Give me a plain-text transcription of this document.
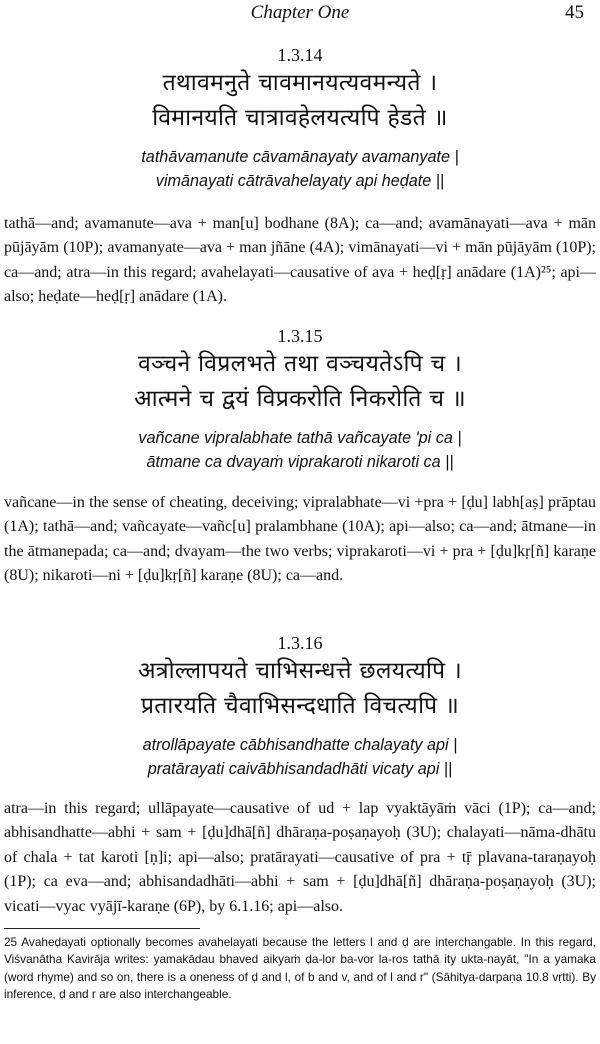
Chapter One	45
1.3.14
तथावमनुते चावमानयत्यवमन्यते ।
विमानयति चात्रावहेलयत्यपि हेडते ॥
tathāvamanute cāvamānayaty avamanyate |
vimānayati cātrāvahelayaty api heḍate ||

tathā—and; avamanute—ava + man[u] bodhane (8A); ca—and; avamānayati—ava + mān pūjāyām (10P); avamanyate—ava + man jñāne (4A); vimānayati—vi + mān pūjāyām (10P); ca—and; atra—in this regard; avahelayati—causative of ava + heḍ[ṛ] anādare (1A)²⁵; api—also; heḍate—heḍ[ṛ] anādare (1A).

1.3.15
वञ्चने विप्रलभते तथा वञ्चयतेऽपि च ।
आत्मने च द्वयं विप्रकरोति निकरोति च ॥
vañcane vipralabhate tathā vañcayate 'pi ca |
ātmane ca dvayaṁ viprakaroti nikaroti ca ||

vañcane—in the sense of cheating, deceiving; vipralabhate—vi +pra + [ḍu] labh[aṣ] prāptau (1A); tathā—and; vañcayate—vañc[u] pralambhane (10A); api—also; ca—and; ātmane—in the ātmanepada; ca—and; dvayam—the two verbs; viprakaroti—vi + pra + [ḍu]kṛ[ñ] karaṇe (8U); nikaroti—ni + [ḍu]kṛ[ñ] karaṇe (8U); ca—and.

1.3.16
अत्रोल्लापयते चाभिसन्धत्ते छलयत्यपि ।
प्रतारयति चैवाभिसन्दधाति विचत्यपि ॥
atrollāpayate cābhisandhatte chalayaty api |
pratārayati caivābhisandadhāti vicaty api ||

atra—in this regard; ullāpayate—causative of ud + lap vyaktāyāṁ vāci (1P); ca—and; abhisandhatte—abhi + sam + [ḍu]dhā[ñ] dhāraṇa-poṣaṇayoḥ (3U); chalayati—nāma-dhātu of chala + tat karoti [ṇ]i; api—also; pratārayati—causative of pra + tṝ plavana-taraṇayoḥ (1P); ca eva—and; abhisandadhāti—abhi + sam + [ḍu]dhā[ñ] dhāraṇa-poṣaṇayoḥ (3U); vicati—vyac vyājī-karaṇe (6P), by 6.1.16; api—also.

25 Avaheḍayati optionally becomes avahelayati because the letters l and ḍ are interchangable. In this regard, Viśvanātha Kavirāja writes: yamakādau bhaved aikyaṁ ḍa-lor ba-vor la-ros tathā ity ukta-nayāt, "In a yamaka (word rhyme) and so on, there is a oneness of ḍ and l, of b and v, and of l and r" (Sāhitya-darpaṇa 10.8 vṛtti). By inference, ḍ and r are also interchangeable.
